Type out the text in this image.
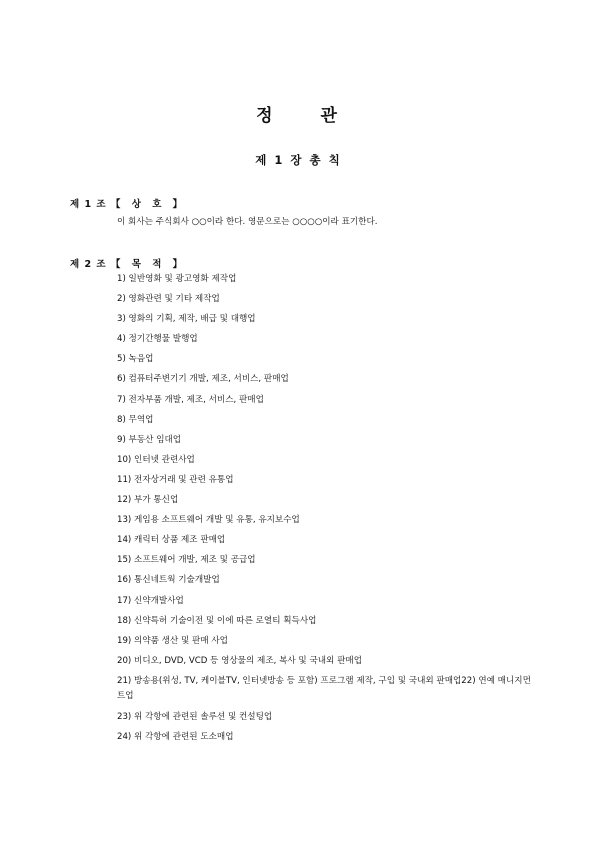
정 관
제 1 장 총 칙
제 1 조 【 상 호 】
이 회사는 주식회사 ○○이라 한다. 영문으로는 ○○○○이라 표기한다.
제 2 조 【 목 적 】
1) 일반영화 및 광고영화 제작업
2) 영화관련 및 기타 제작업
3) 영화의 기획, 제작, 배급 및 대행업
4) 정기간행물 발행업
5) 녹음업
6) 컴퓨터주변기기 개발, 제조, 서비스, 판매업
7) 전자부품 개발, 제조, 서비스, 판매업
8) 무역업
9) 부동산 임대업
10) 인터넷 관련사업
11) 전자상거래 및 관련 유통업
12) 부가 통신업
13) 게임용 소프트웨어 개발 및 유통, 유지보수업
14) 캐릭터 상품 제조 판매업
15) 소프트웨어 개발, 제조 및 공급업
16) 통신네트웍 기술개발업
17) 신약개발사업
18) 신약특허 기술이전 및 이에 따른 로열티 획득사업
19) 의약품 생산 및 판매 사업
20) 비디오, DVD, VCD 등 영상물의 제조, 복사 및 국내외 판매업
21) 방송용(위성, TV, 케이블TV, 인터넷방송 등 포함) 프로그램 제작, 구입 및 국내외 판매업22) 연예 매니지먼트업
23) 위 각항에 관련된 솔루션 및 컨설팅업
24) 위 각항에 관련된 도소매업
